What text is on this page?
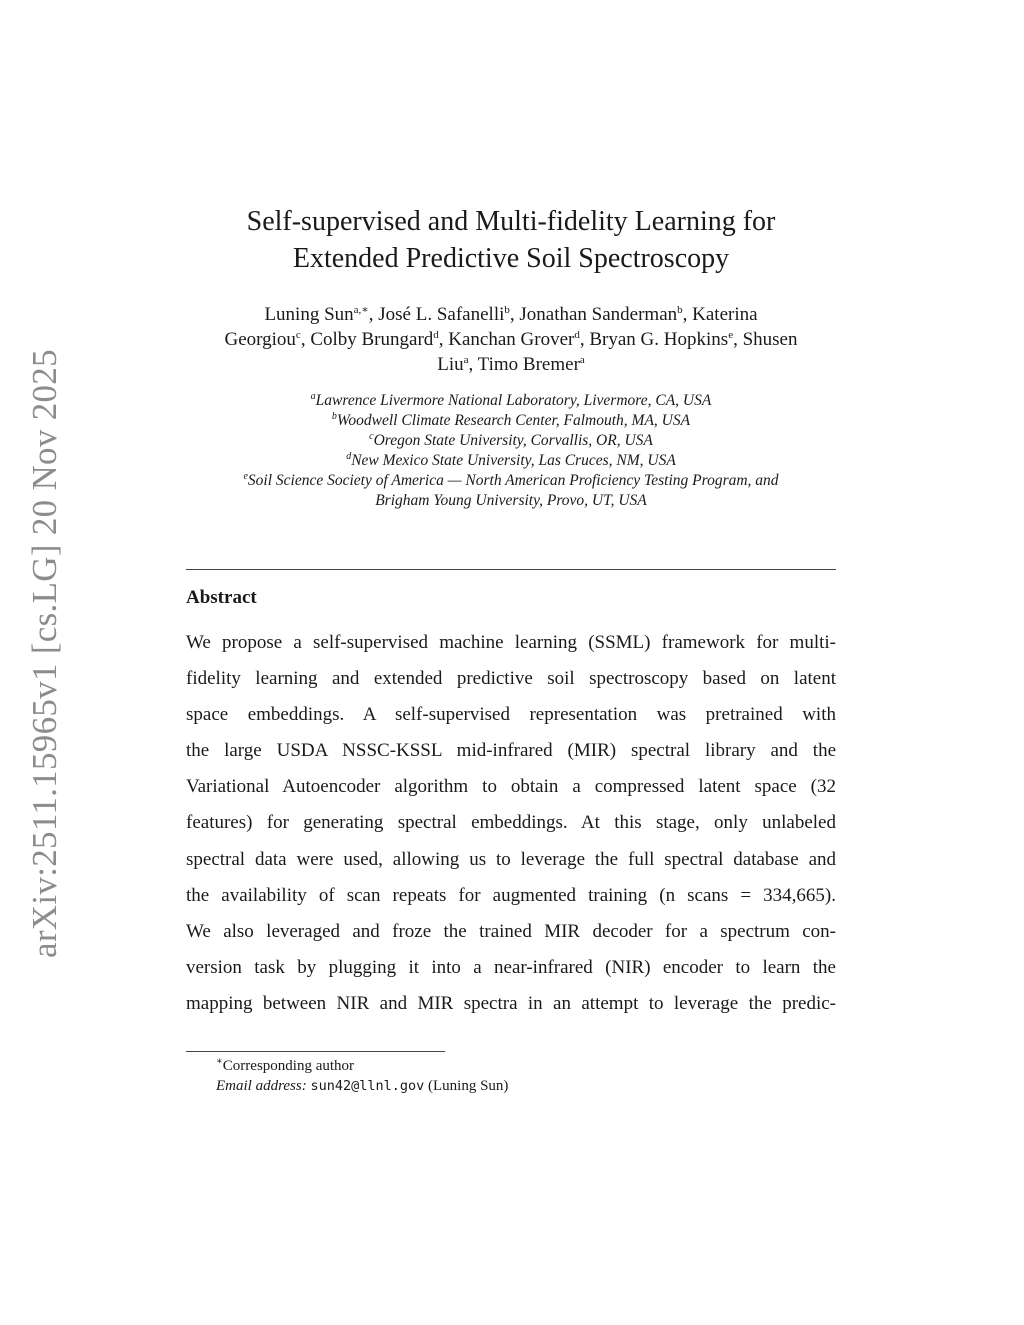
arXiv:2511.15965v1 [cs.LG] 20 Nov 2025
Self-supervised and Multi-fidelity Learning for
Extended Predictive Soil Spectroscopy
Luning Sun$^{a,∗}$, José L. Safanelli$^b$, Jonathan Sanderman$^b$, Katerina
Georgiou$^c$, Colby Brungard$^d$, Kanchan Grover$^d$, Bryan G. Hopkins$^e$, Shusen
Liu$^a$, Timo Bremer$^a$
$^a$Lawrence Livermore National Laboratory, Livermore, CA, USA
$^b$Woodwell Climate Research Center, Falmouth, MA, USA
$^c$Oregon State University, Corvallis, OR, USA
$^d$New Mexico State University, Las Cruces, NM, USA
$^e$Soil Science Society of America — North American Proficiency Testing Program, and
Brigham Young University, Provo, UT, USA
Abstract
We propose a self-supervised machine learning (SSML) framework for multi-
fidelity learning and extended predictive soil spectroscopy based on latent
space embeddings. A self-supervised representation was pretrained with
the large USDA NSSC-KSSL mid-infrared (MIR) spectral library and the
Variational Autoencoder algorithm to obtain a compressed latent space (32
features) for generating spectral embeddings. At this stage, only unlabeled
spectral data were used, allowing us to leverage the full spectral database and
the availability of scan repeats for augmented training (n scans = 334,665).
We also leveraged and froze the trained MIR decoder for a spectrum con-
version task by plugging it into a near-infrared (NIR) encoder to learn the
mapping between NIR and MIR spectra in an attempt to leverage the predic-
∗Corresponding author
Email address: sun42@llnl.gov (Luning Sun)
